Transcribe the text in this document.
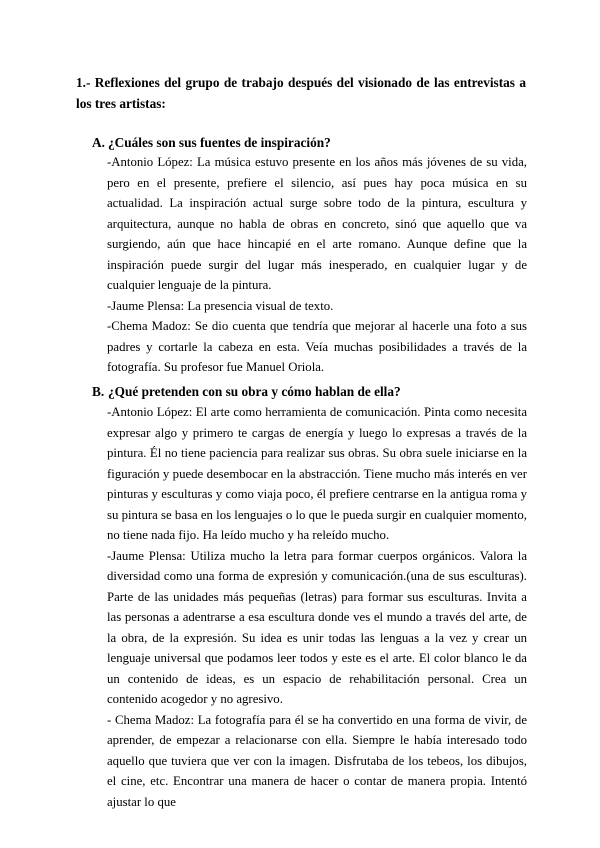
1.- Reflexiones del grupo de trabajo después del visionado de las entrevistas a los tres artistas:

A. ¿Cuáles son sus fuentes de inspiración?

-Antonio López: La música estuvo presente en los años más jóvenes de su vida, pero en el presente, prefiere el silencio, así pues hay poca música en su actualidad. La inspiración actual surge sobre todo de la pintura, escultura y arquitectura, aunque no habla de obras en concreto, sinó que aquello que va surgiendo, aún que hace hincapié en el arte romano. Aunque define que la inspiración puede surgir del lugar más inesperado, en cualquier lugar y de cualquier lenguaje de la pintura.

-Jaume Plensa: La presencia visual de texto.

-Chema Madoz: Se dio cuenta que tendría que mejorar al hacerle una foto a sus padres y cortarle la cabeza en esta. Veía muchas posibilidades a través de la fotografía. Su profesor fue Manuel Oriola.

B. ¿Qué pretenden con su obra y cómo hablan de ella?

-Antonio López: El arte como herramienta de comunicación. Pinta como necesita expresar algo y primero te cargas de energía y luego lo expresas a través de la pintura. Él no tiene paciencia para realizar sus obras. Su obra suele iniciarse en la figuración y puede desembocar en la abstracción. Tiene mucho más interés en ver pinturas y esculturas y como viaja poco, él prefiere centrarse en la antigua roma y su pintura se basa en los lenguajes o lo que le pueda surgir en cualquier momento, no tiene nada fijo. Ha leído mucho y ha releído mucho.

-Jaume Plensa: Utiliza mucho la letra para formar cuerpos orgánicos. Valora la diversidad como una forma de expresión y comunicación.(una de sus esculturas). Parte de las unidades más pequeñas (letras) para formar sus esculturas. Invita a las personas a adentrarse a esa escultura donde ves el mundo a través del arte, de la obra, de la expresión. Su idea es unir todas las lenguas a la vez y crear un lenguaje universal que podamos leer todos y este es el arte. El color blanco le da un contenido de ideas, es un espacio de rehabilitación personal. Crea un contenido acogedor y no agresivo.

- Chema Madoz: La fotografía para él se ha convertido en una forma de vivir, de aprender, de empezar a relacionarse con ella. Siempre le había interesado todo aquello que tuviera que ver con la imagen. Disfrutaba de los tebeos, los dibujos, el cine, etc. Encontrar una manera de hacer o contar de manera propia. Intentó ajustar lo que
